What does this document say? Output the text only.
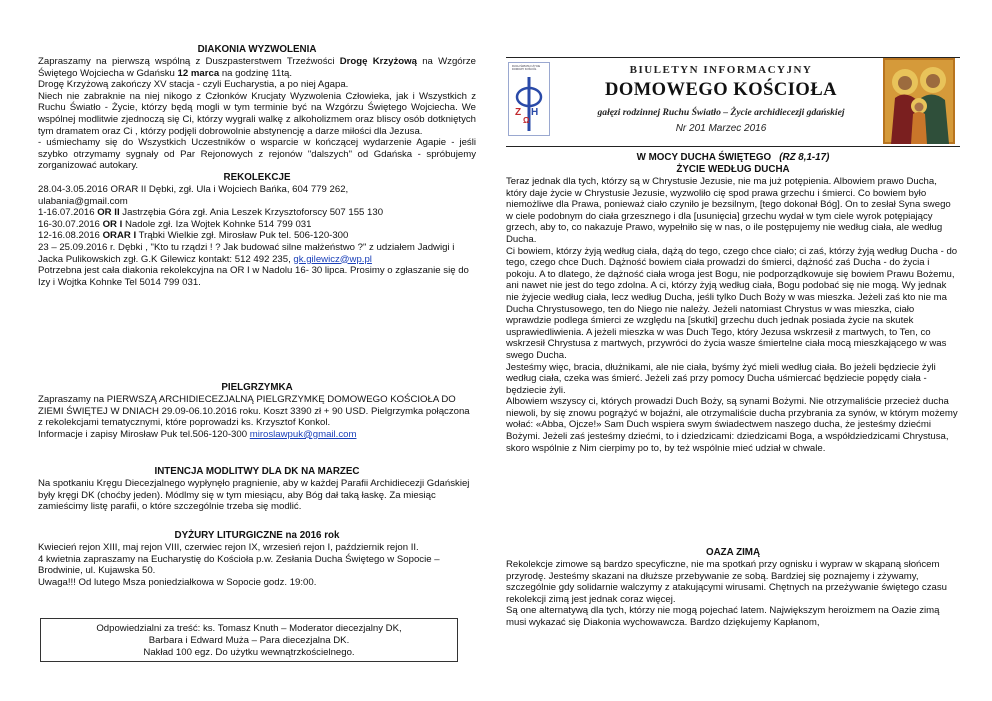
DIAKONIA WYZWOLENIA

Zapraszamy na pierwszą wspólną z Duszpasterstwem Trzeźwości Drogę Krzyżową na Wzgórze Świętego Wojciecha w Gdańsku 12 marca na godzinę 11tą.

Drogę Krzyżową zakończy XV stacja - czyli Eucharystia, a po niej Agapa.

Niech nie zabraknie na niej nikogo z Członków Krucjaty Wyzwolenia Człowieka, jak i Wszystkich z Ruchu Światło - Życie, którzy będą mogli w tym terminie być na Wzgórzu Świętego Wojciecha. We wspólnej modlitwie zjednoczą się Ci, którzy wygrali walkę z alkoholizmem oraz bliscy osób dotkniętych tym dramatem oraz Ci , którzy podjęli dobrowolnie abstynencję a darze miłości dla Jezusa.

- uśmiechamy się do Wszystkich Uczestników o wsparcie w kończącej wydarzenie Agapie - jeśli szybko otrzymamy sygnały od Par Rejonowych z rejonów "dalszych" od Gdańska - spróbujemy zorganizować autokary.

REKOLEKCJE

28.04-3.05.2016 ORAR II Dębki, zgł. Ula i Wojciech Bańka, 604 779 262,

ulabania@gmail.com

1-16.07.2016 OR II Jastrzębia Góra zgł. Ania Leszek Krzysztoforscy 507 155 130

16-30.07.2016 OR I Nadole zgł. Iza Wojtek Kohnke 514 799 031

12-16.08.2016 ORAR I Trąbki Wielkie zgł. Mirosław Puk tel. 506-120-300

23 – 25.09.2016 r. Dębki , "Kto tu rządzi ! ? Jak budować silne małżeństwo ?" z udziałem Jadwigi i Jacka Pulikowskich zgł. G.K Gilewicz kontakt: 512 492 235, gk.gilewicz@wp.pl

Potrzebna jest cała diakonia rekolekcyjna na OR I w Nadolu 16- 30 lipca. Prosimy o zgłaszanie się do Izy i Wojtka Kohnke Tel 5014 799 031.

PIELGRZYMKA

Zapraszamy na PIERWSZĄ ARCHIDIECEZJALNĄ PIELGRZYMKĘ DOMOWEGO KOŚCIOŁA DO ZIEMI ŚWIĘTEJ W DNIACH 29.09-06.10.2016 roku. Koszt 3390 zł + 90 USD. Pielgrzymka połączona z rekolekcjami tematycznymi, które poprowadzi ks. Krzysztof Konkol.

Informacje i zapisy Mirosław Puk tel.506-120-300 miroslawpuk@gmail.com

INTENCJA MODLITWY DLA DK NA MARZEC

Na spotkaniu Kręgu Diecezjalnego wypłynęło pragnienie, aby w każdej Parafii Archidiecezji Gdańskiej były kręgi DK (choćby jeden). Módlmy się w tym miesiącu, aby Bóg dał taką łaskę. Za miesiąc zamieścimy listę parafii, o które szczególnie trzeba się modlić.

DYŻURY LITURGICZNE na 2016 rok

Kwiecień rejon XIII, maj rejon VIII, czerwiec rejon IX, wrzesień rejon I, październik rejon II.

4 kwietnia zapraszamy na Eucharystię do Kościoła p.w. Zesłania Ducha Świętego w Sopocie – Brodwinie, ul. Kujawska 50.

Uwaga!!! Od lutego Msza poniedziałkowa w Sopocie godz. 19:00.

Odpowiedzialni za treść: ks. Tomasz Knuth – Moderator diecezjalny DK,

Barbara i Edward Muża – Para diecezjalna DK.

Nakład 100 egz. Do użytku wewnątrzkościelnego.

RUCH ŚWIATŁO ŻYCIE DOMOWY KOŚCIÓŁ
Z H
Ω
BIULETYN INFORMACYJNY
DOMOWEGO KOŚCIOŁA
gałęzi rodzinnej Ruchu Światło – Życie archidiecezji gdańskiej
Nr 201 Marzec 2016

W MOCY DUCHA ŚWIĘTEGO (RZ 8,1-17)

ŻYCIE WEDŁUG DUCHA

Teraz jednak dla tych, którzy są w Chrystusie Jezusie, nie ma już potępienia. Albowiem prawo Ducha, który daje życie w Chrystusie Jezusie, wyzwoliło cię spod prawa grzechu i śmierci. Co bowiem było niemożliwe dla Prawa, ponieważ ciało czyniło je bezsilnym, [tego dokonał Bóg]. On to zesłał Syna swego w ciele podobnym do ciała grzesznego i dla [usunięcia] grzechu wydał w tym ciele wyrok potępiający grzech, aby to, co nakazuje Prawo, wypełniło się w nas, o ile postępujemy nie według ciała, ale według Ducha.

Ci bowiem, którzy żyją według ciała, dążą do tego, czego chce ciało; ci zaś, którzy żyją według Ducha - do tego, czego chce Duch. Dążność bowiem ciała prowadzi do śmierci, dążność zaś Ducha - do życia i pokoju. A to dlatego, że dążność ciała wroga jest Bogu, nie podporządkowuje się bowiem Prawu Bożemu, ani nawet nie jest do tego zdolna. A ci, którzy żyją według ciała, Bogu podobać się nie mogą. Wy jednak nie żyjecie według ciała, lecz według Ducha, jeśli tylko Duch Boży w was mieszka. Jeżeli zaś kto nie ma Ducha Chrystusowego, ten do Niego nie należy. Jeżeli natomiast Chrystus w was mieszka, ciało wprawdzie podlega śmierci ze względu na [skutki] grzechu duch jednak posiada życie na skutek usprawiedliwienia. A jeżeli mieszka w was Duch Tego, który Jezusa wskrzesił z martwych, to Ten, co wskrzesił Chrystusa z martwych, przywróci do życia wasze śmiertelne ciała mocą mieszkającego w was swego Ducha.

Jesteśmy więc, bracia, dłużnikami, ale nie ciała, byśmy żyć mieli według ciała. Bo jeżeli będziecie żyli według ciała, czeka was śmierć. Jeżeli zaś przy pomocy Ducha uśmiercać będziecie popędy ciała - będziecie żyli.

Albowiem wszyscy ci, których prowadzi Duch Boży, są synami Bożymi. Nie otrzymaliście przecież ducha niewoli, by się znowu pogrążyć w bojaźni, ale otrzymaliście ducha przybrania za synów, w którym możemy wołać: «Abba, Ojcze!» Sam Duch wspiera swym świadectwem naszego ducha, że jesteśmy dziećmi Bożymi. Jeżeli zaś jesteśmy dziećmi, to i dziedzicami: dziedzicami Boga, a współdziedzicami Chrystusa, skoro wspólnie z Nim cierpimy po to, by też wspólnie mieć udział w chwale.

OAZA ZIMĄ

Rekolekcje zimowe są bardzo specyficzne, nie ma spotkań przy ognisku i wypraw w skąpaną słońcem przyrodę. Jesteśmy skazani na dłuższe przebywanie ze sobą. Bardziej się poznajemy i zżywamy, szczególnie gdy solidarnie walczymy z atakującymi wirusami. Chętnych na przeżywanie świętego czasu rekolekcji zimą jest jednak coraz więcej.

Są one alternatywą dla tych, którzy nie mogą pojechać latem. Największym heroizmem na Oazie zimą musi wykazać się Diakonia wychowawcza. Bardzo dziękujemy Kapłanom,
